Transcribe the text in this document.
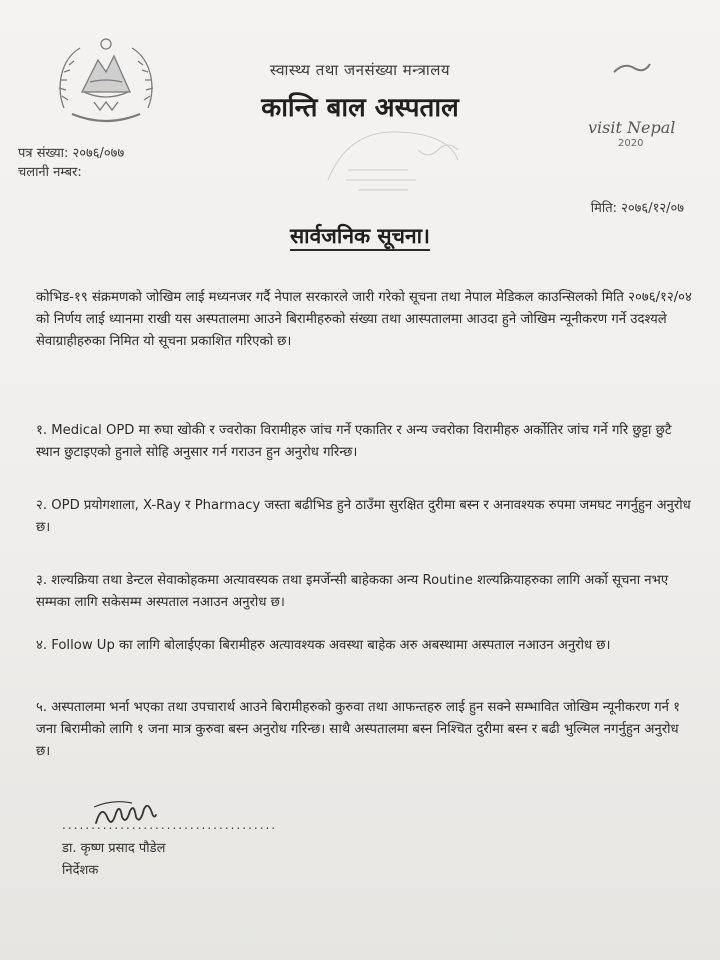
स्वास्थ्य तथा जनसंख्या मन्त्रालय
कान्ति बाल अस्पताल
पत्र संख्या: २०७६/०७७
चलानी नम्बर:
visit Nepal
2020
मिति: २०७६/१२/०७
सार्वजनिक सूचना।
कोभिड-१९ संक्रमणको जोखिम लाई मध्यनजर गर्दै नेपाल सरकारले जारी गरेको सूचना तथा नेपाल मेडिकल काउन्सिलको मिति २०७६/१२/०४ को निर्णय लाई ध्यानमा राखी यस अस्पतालमा आउने बिरामीहरुको संख्या तथा आस्पतालमा आउदा हुने जोखिम न्यूनीकरण गर्ने उदश्यले सेवाग्राहीहरुका निमित यो सूचना प्रकाशित गरिएको छ।
१. Medical OPD मा रुघा खोकी र ज्वरोका विरामीहरु जांच गर्ने एकातिर र अन्य ज्वरोका विरामीहरु अर्कोतिर जांच गर्ने गरि छुट्टा छुटै स्थान छुटाइएको हुनाले सोहि अनुसार गर्न गराउन हुन अनुरोध गरिन्छ।
२. OPD प्रयोगशाला, X-Ray र Pharmacy जस्ता बढीभिड हुने ठाउँमा सुरक्षित दुरीमा बस्न र अनावश्यक रुपमा जमघट नगर्नुहुन अनुरोध छ।
३. शल्यक्रिया तथा डेन्टल सेवाकोहकमा अत्यावस्यक तथा इमर्जेन्सी बाहेकका अन्य Routine शल्यक्रियाहरुका लागि अर्को सूचना नभए सम्मका लागि सकेसम्म अस्पताल नआउन अनुरोध छ।
४. Follow Up का लागि बोलाईएका बिरामीहरु अत्यावश्यक अवस्था बाहेक अरु अबस्थामा अस्पताल नआउन अनुरोध छ।
५. अस्पतालमा भर्ना भएका तथा उपचारार्थ आउने बिरामीहरुको कुरुवा तथा आफन्तहरु लाई हुन सक्ने सम्भावित जोखिम न्यूनीकरण गर्न १ जना बिरामीको लागि १ जना मात्र कुरुवा बस्न अनुरोध गरिन्छ। साथै अस्पतालमा बस्न निश्चित दुरीमा बस्न र बढी भुल्मिल नगर्नुहुन अनुरोध छ।
.....................................
डा. कृष्ण प्रसाद पौडेल
निर्देशक
